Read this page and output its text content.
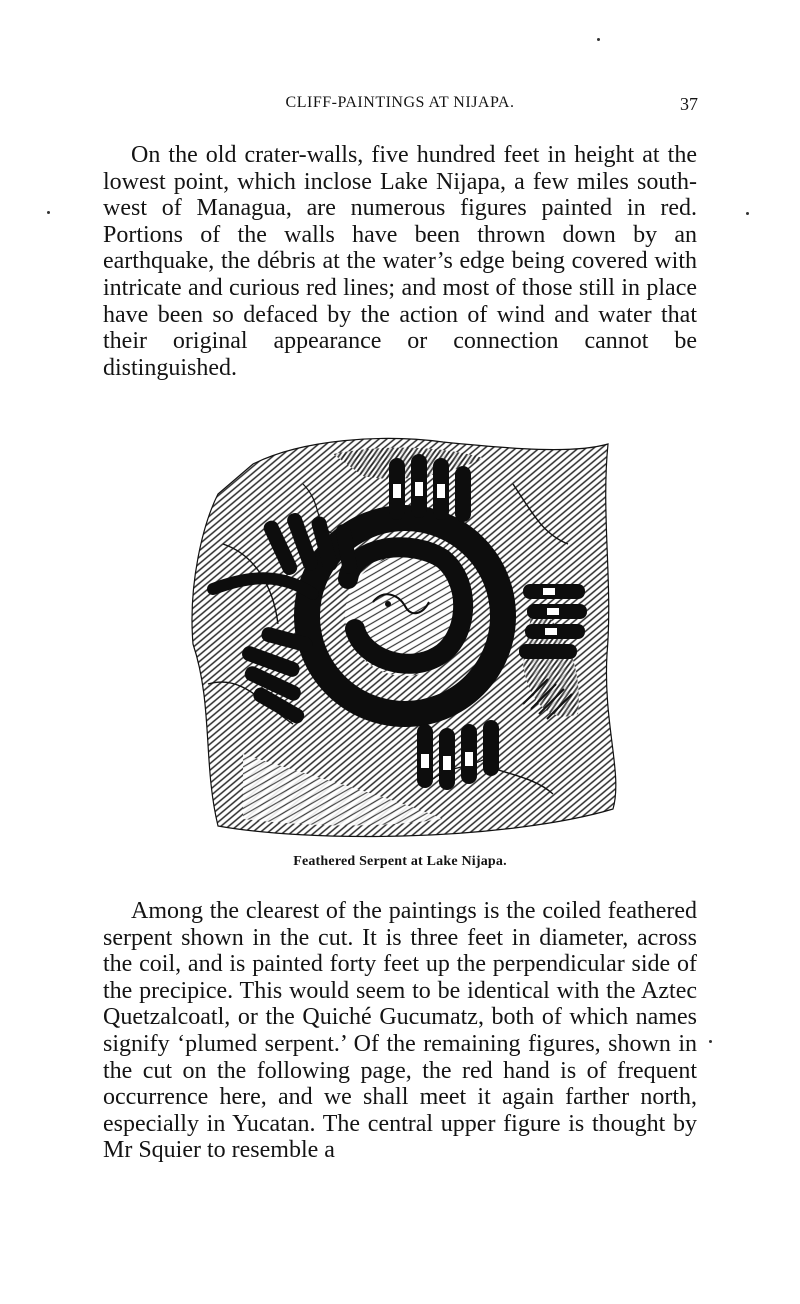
CLIFF-PAINTINGS AT NIJAPA.	37

On the old crater-walls, five hundred feet in height at the lowest point, which inclose Lake Nijapa, a few miles south-west of Managua, are numerous figures painted in red. Portions of the walls have been thrown down by an earthquake, the débris at the water’s edge being covered with intricate and curious red lines; and most of those still in place have been so defaced by the action of wind and water that their original appearance or connection cannot be distinguished.

Feathered Serpent at Lake Nijapa.

Among the clearest of the paintings is the coiled feathered serpent shown in the cut. It is three feet in diameter, across the coil, and is painted forty feet up the perpendicular side of the precipice. This would seem to be identical with the Aztec Quetzalcoatl, or the Quiché Gucumatz, both of which names signify ‘plumed serpent.’ Of the remaining figures, shown in the cut on the following page, the red hand is of frequent occurrence here, and we shall meet it again farther north, especially in Yucatan. The central upper figure is thought by Mr Squier to resemble a
